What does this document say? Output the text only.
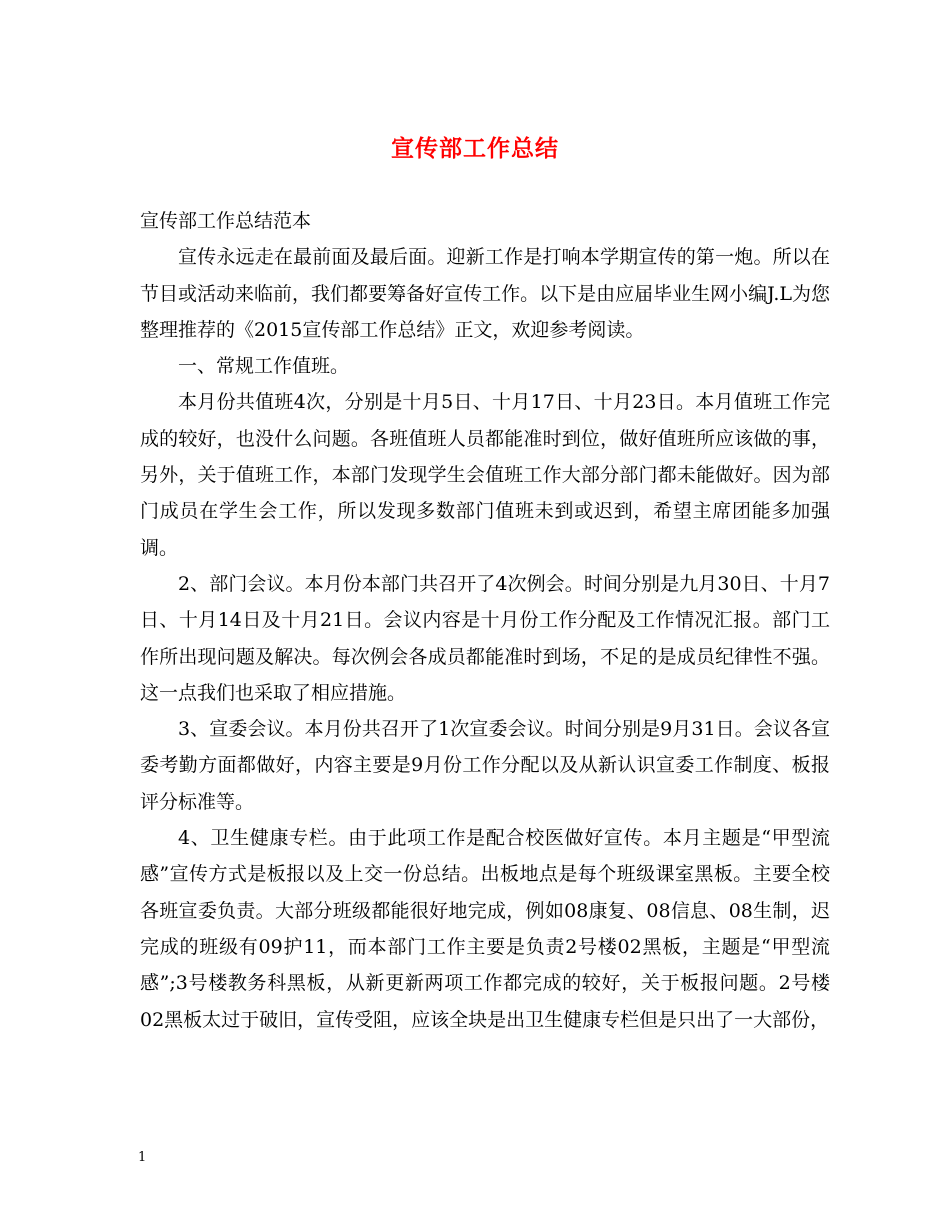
宣传部工作总结

宣传部工作总结范本

宣传永远走在最前面及最后面。迎新工作是打响本学期宣传的第一炮。所以在节目或活动来临前，我们都要筹备好宣传工作。以下是由应届毕业生网小编J.L为您整理推荐的《2015宣传部工作总结》正文，欢迎参考阅读。

一、常规工作值班。

本月份共值班4次，分别是十月5日、十月17日、十月23日。本月值班工作完成的较好，也没什么问题。各班值班人员都能准时到位，做好值班所应该做的事，另外，关于值班工作，本部门发现学生会值班工作大部分部门都未能做好。因为部门成员在学生会工作，所以发现多数部门值班未到或迟到，希望主席团能多加强调。

2、部门会议。本月份本部门共召开了4次例会。时间分别是九月30日、十月7日、十月14日及十月21日。会议内容是十月份工作分配及工作情况汇报。部门工作所出现问题及解决。每次例会各成员都能准时到场，不足的是成员纪律性不强。这一点我们也采取了相应措施。

3、宣委会议。本月份共召开了1次宣委会议。时间分别是9月31日。会议各宣委考勤方面都做好，内容主要是9月份工作分配以及从新认识宣委工作制度、板报评分标准等。

4、卫生健康专栏。由于此项工作是配合校医做好宣传。本月主题是“甲型流感”宣传方式是板报以及上交一份总结。出板地点是每个班级课室黑板。主要全校各班宣委负责。大部分班级都能很好地完成，例如08康复、08信息、08生制，迟完成的班级有09护11，而本部门工作主要是负责2号楼02黑板，主题是“甲型流感”;3号楼教务科黑板，从新更新两项工作都完成的较好，关于板报问题。2号楼02黑板太过于破旧，宣传受阻，应该全块是出卫生健康专栏但是只出了一大部份，

1
